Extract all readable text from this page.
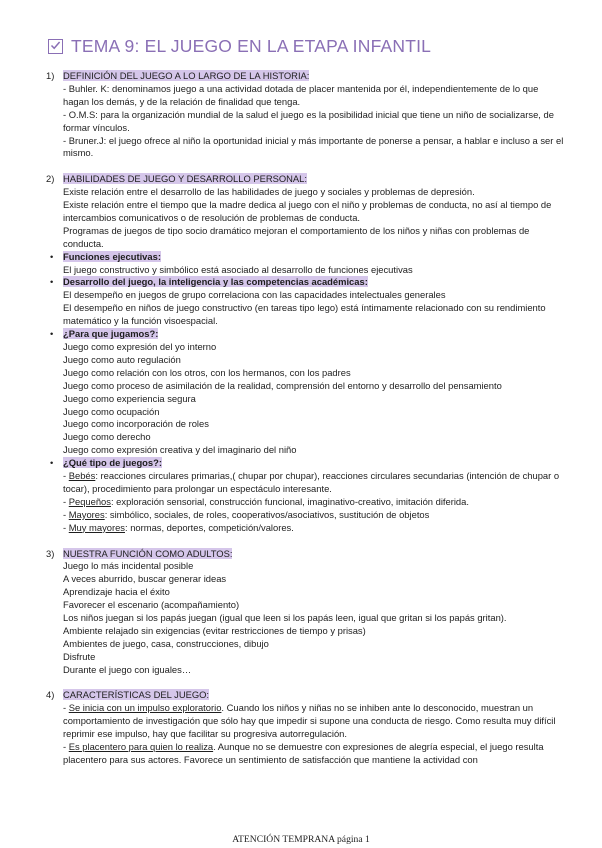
TEMA 9: EL JUEGO EN LA ETAPA INFANTIL
1) DEFINICIÓN DEL JUEGO A LO LARGO DE LA HISTORIA:

- Buhler. K: denominamos juego a una actividad dotada de placer mantenida por él, independientemente de lo que hagan los demás, y de la relación de finalidad que tenga.

- O.M.S: para la organización mundial de la salud el juego es la posibilidad inicial que tiene un niño de socializarse, de formar vínculos.

- Bruner.J: el juego ofrece al niño la oportunidad inicial y más importante de ponerse a pensar, a hablar e incluso a ser el mismo.

2) HABILIDADES DE JUEGO Y DESARROLLO PERSONAL:

Existe relación entre el desarrollo de las habilidades de juego y sociales y problemas de depresión.

Existe relación entre el tiempo que la madre dedica al juego con el niño y problemas de conducta, no así al tiempo de intercambios comunicativos o de resolución de problemas de conducta.

Programas de juegos de tipo socio dramático mejoran el comportamiento de los niños y niñas con problemas de conducta.

•	Funciones ejecutivas:

El juego constructivo y simbólico está asociado al desarrollo de funciones ejecutivas

•	Desarrollo del juego, la inteligencia y las competencias académicas:

El desempeño en juegos de grupo correlaciona con las capacidades intelectuales generales

El desempeño en niños de juego constructivo (en tareas tipo lego) está íntimamente relacionado con su rendimiento matemático y la función visoespacial.

•	¿Para que jugamos?:

Juego como expresión del yo interno

Juego como auto regulación

Juego como relación con los otros, con los hermanos, con los padres

Juego como proceso de asimilación de la realidad, comprensión del entorno y desarrollo del pensamiento

Juego como experiencia segura

Juego como ocupación

Juego como incorporación de roles

Juego como derecho

Juego como expresión creativa y del imaginario del niño

•	¿Qué tipo de juegos?:

- Bebés: reacciones circulares primarias,( chupar por chupar), reacciones circulares secundarias (intención de chupar o tocar), procedimiento para prolongar un espectáculo interesante.

- Pequeños: exploración sensorial, construcción funcional, imaginativo-creativo, imitación diferida.

- Mayores: simbólico, sociales, de roles, cooperativos/asociativos, sustitución de objetos

- Muy mayores: normas, deportes, competición/valores.

3) NUESTRA FUNCIÓN COMO ADULTOS:

Juego lo más incidental posible

A veces aburrido, buscar generar ideas

Aprendizaje hacia el éxito

Favorecer el escenario (acompañamiento)

Los niños juegan si los papás juegan (igual que leen si los papás leen, igual que gritan si los papás gritan).

Ambiente relajado sin exigencias (evitar restricciones de tiempo y prisas)

Ambientes de juego, casa, construcciones, dibujo

Disfrute

Durante el juego con iguales…

4) CARACTERÍSTICAS DEL JUEGO:

- Se inicia con un impulso exploratorio. Cuando los niños y niñas no se inhiben ante lo desconocido, muestran un comportamiento de investigación que sólo hay que impedir si supone una conducta de riesgo. Como resulta muy difícil reprimir ese impulso, hay que facilitar su progresiva autorregulación.

- Es placentero para quien lo realiza. Aunque no se demuestre con expresiones de alegría especial, el juego resulta placentero para sus actores. Favorece un sentimiento de satisfacción que mantiene la actividad con

ATENCIÓN TEMPRANA página 1
